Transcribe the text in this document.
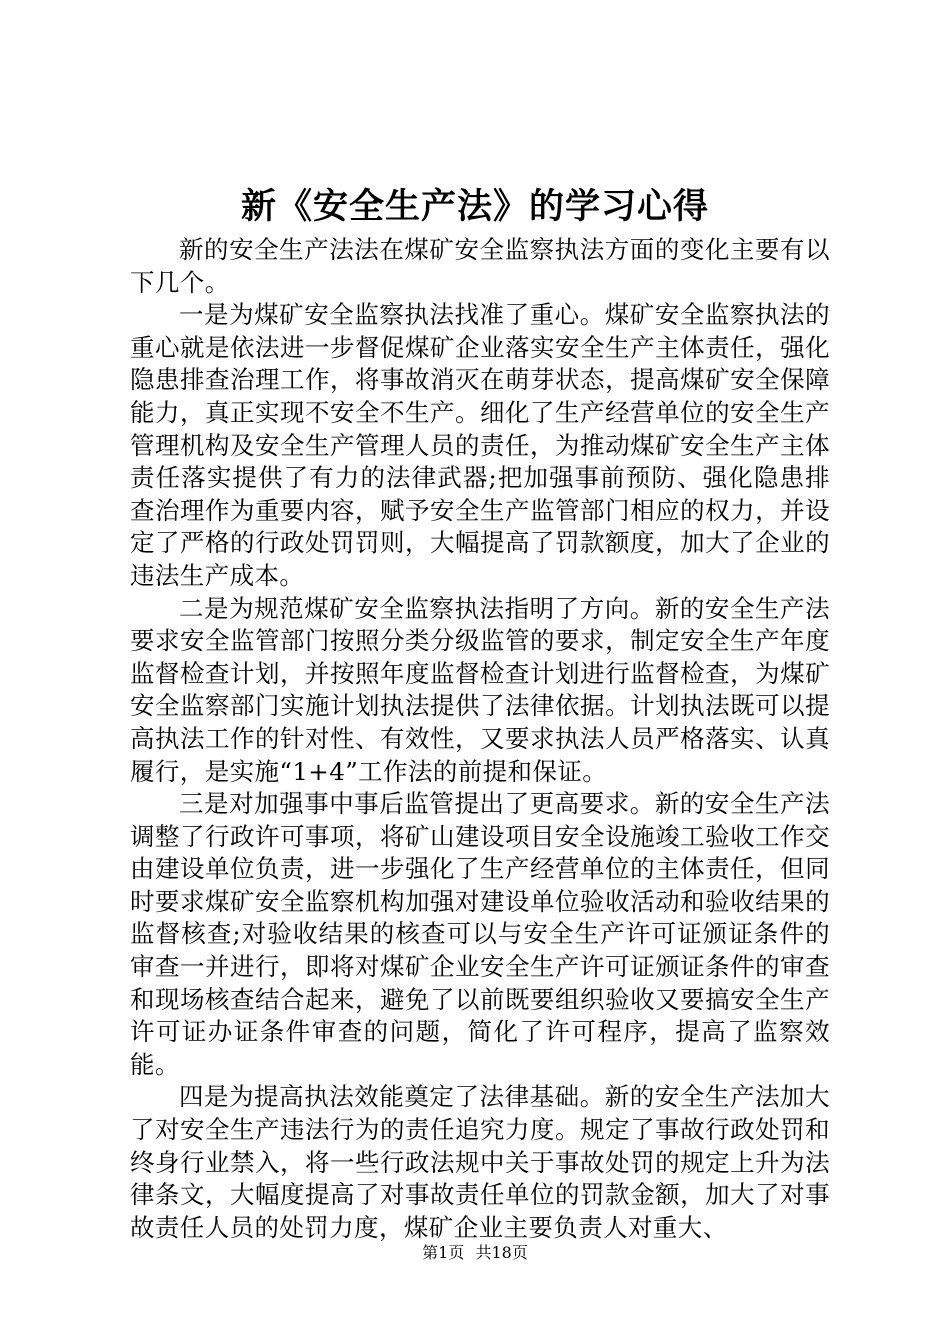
新《安全生产法》的学习心得

新的安全生产法法在煤矿安全监察执法方面的变化主要有以下几个。

一是为煤矿安全监察执法找准了重心。煤矿安全监察执法的重心就是依法进一步督促煤矿企业落实安全生产主体责任，强化隐患排查治理工作，将事故消灭在萌芽状态，提高煤矿安全保障能力，真正实现不安全不生产。细化了生产经营单位的安全生产管理机构及安全生产管理人员的责任，为推动煤矿安全生产主体责任落实提供了有力的法律武器;把加强事前预防、强化隐患排查治理作为重要内容，赋予安全生产监管部门相应的权力，并设定了严格的行政处罚罚则，大幅提高了罚款额度，加大了企业的违法生产成本。

二是为规范煤矿安全监察执法指明了方向。新的安全生产法要求安全监管部门按照分类分级监管的要求，制定安全生产年度监督检查计划，并按照年度监督检查计划进行监督检查，为煤矿安全监察部门实施计划执法提供了法律依据。计划执法既可以提高执法工作的针对性、有效性，又要求执法人员严格落实、认真履行，是实施“1+4”工作法的前提和保证。

三是对加强事中事后监管提出了更高要求。新的安全生产法调整了行政许可事项，将矿山建设项目安全设施竣工验收工作交由建设单位负责，进一步强化了生产经营单位的主体责任，但同时要求煤矿安全监察机构加强对建设单位验收活动和验收结果的监督核查;对验收结果的核查可以与安全生产许可证颁证条件的审查一并进行，即将对煤矿企业安全生产许可证颁证条件的审查和现场核查结合起来，避免了以前既要组织验收又要搞安全生产许可证办证条件审查的问题，简化了许可程序，提高了监察效能。

四是为提高执法效能奠定了法律基础。新的安全生产法加大了对安全生产违法行为的责任追究力度。规定了事故行政处罚和终身行业禁入，将一些行政法规中关于事故处罚的规定上升为法律条文，大幅度提高了对事故责任单位的罚款金额，加大了对事故责任人员的处罚力度，煤矿企业主要负责人对重大、

第1页 共18页
